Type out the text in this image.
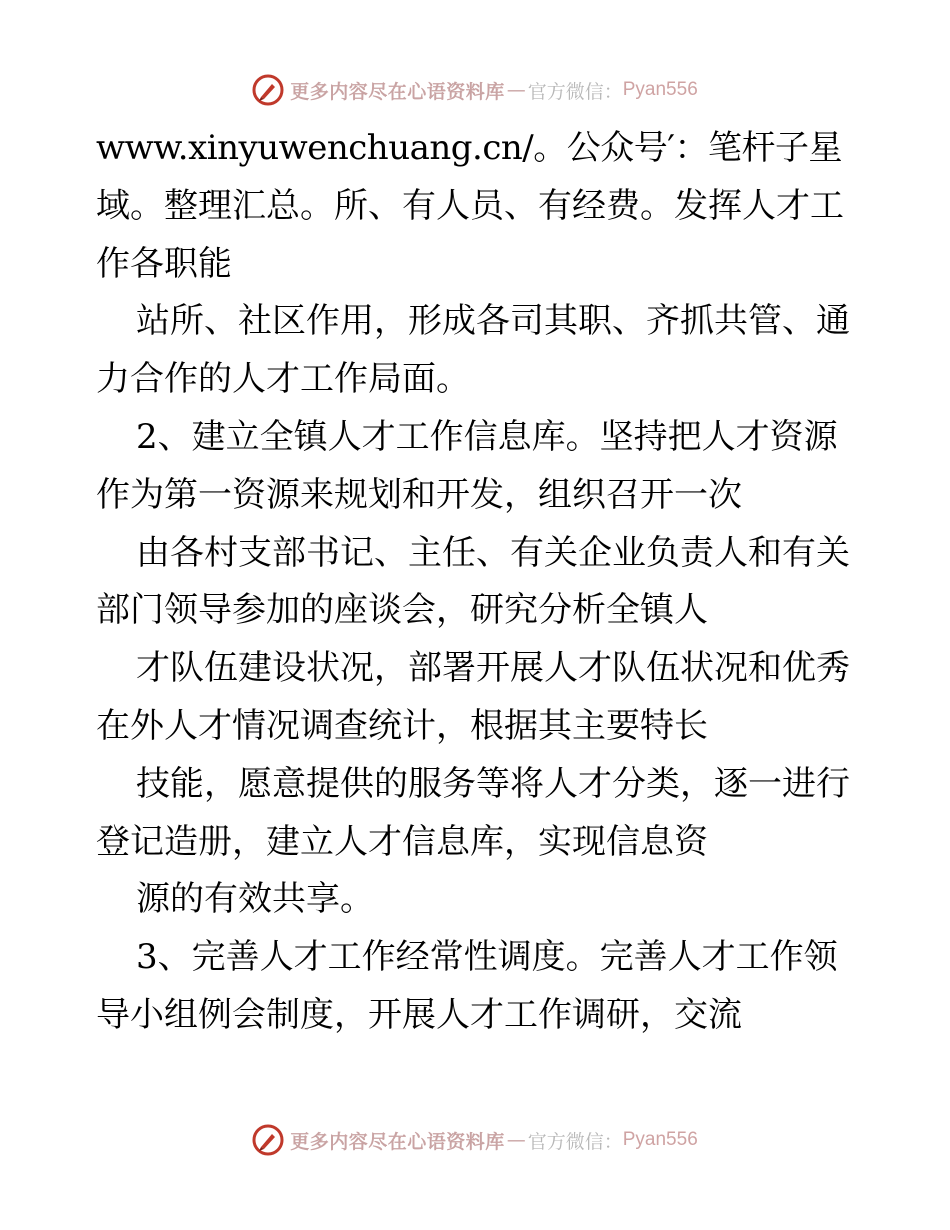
更多内容尽在心语资料库 — 官方微信： Pyan556
www.xinyuwenchuang.cn/。公众号′：笔杆子星
域。整理汇总。所、有人员、有经费。发挥人才工
作各职能
站所、社区作用，形成各司其职、齐抓共管、通
力合作的人才工作局面。
2、建立全镇人才工作信息库。坚持把人才资源
作为第一资源来规划和开发，组织召开一次
由各村支部书记、主任、有关企业负责人和有关
部门领导参加的座谈会，研究分析全镇人
才队伍建设状况，部署开展人才队伍状况和优秀
在外人才情况调查统计，根据其主要特长
技能，愿意提供的服务等将人才分类，逐一进行
登记造册，建立人才信息库，实现信息资
源的有效共享。
3、完善人才工作经常性调度。完善人才工作领
导小组例会制度，开展人才工作调研，交流
更多内容尽在心语资料库 — 官方微信： Pyan556
